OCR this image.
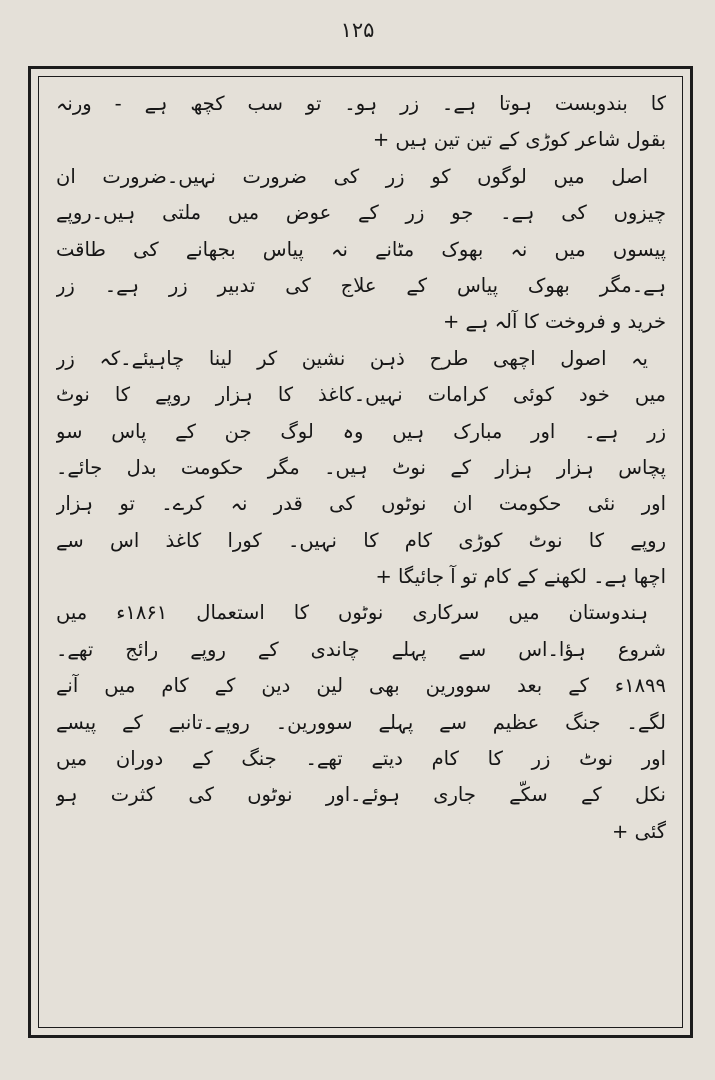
۱۲۵
کا بندوبست ہوتا ہے۔ زر ہو۔ تو سب کچھ ہے - ورنہ
بقول شاعر کوڑی کے تین تین ہیں +
اصل میں لوگوں کو زر کی ضرورت نہیں۔ضرورت ان
چیزوں کی ہے۔ جو زر کے عوض میں ملتی ہیں۔روپے
پیسوں میں نہ بھوک مٹانے نہ پیاس بجھانے کی طاقت
ہے۔مگر بھوک پیاس کے علاج کی تدبیر زر ہے۔ زر
خرید و فروخت کا آلہ ہے +
یہ اصول اچھی طرح ذہن نشین کر لینا چاہیئے۔کہ زر
میں خود کوئی کرامات نہیں۔کاغذ کا ہزار روپے کا نوٹ
زر ہے۔ اور مبارک ہیں وہ لوگ جن کے پاس سو
پچاس ہزار ہزار کے نوٹ ہیں۔ مگر حکومت بدل جائے۔
اور نئی حکومت ان نوٹوں کی قدر نہ کرے۔ تو ہزار
روپے کا نوٹ کوڑی کام کا نہیں۔ کورا کاغذ اس سے
اچھا ہے۔ لکھنے کے کام تو آ جائیگا +
ہندوستان میں سرکاری نوٹوں کا استعمال ۱۸۶۱ء میں
شروع ہؤا۔اس سے پہلے چاندی کے روپے رائج تھے۔
۱۸۹۹ء کے بعد سوورین بھی لین دین کے کام میں آنے
لگے۔ جنگ عظیم سے پہلے سوورین۔ روپے۔تانبے کے پیسے
اور نوٹ زر کا کام دیتے تھے۔ جنگ کے دوران میں
نکل کے سکّے جاری ہوئے۔اور نوٹوں کی کثرت ہو
گئی +
